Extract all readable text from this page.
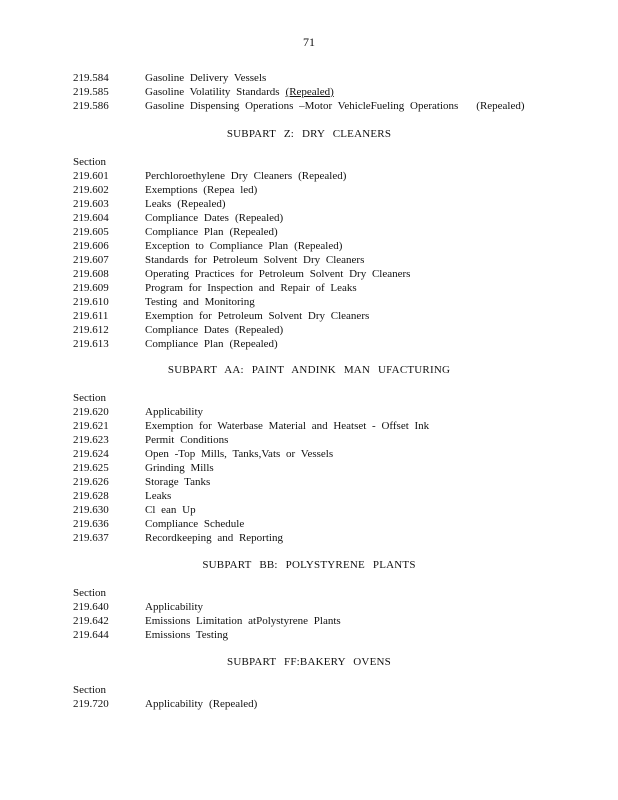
71
219.584	Gasoline Delivery Vessels
219.585	Gasoline Volatility Standards (Repealed)
219.586	Gasoline Dispensing Operations –Motor VehicleFueling Operations (Repealed)
SUBPART Z: DRY CLEANERS
Section
219.601	Perchloroethylene Dry Cleaners (Repealed)
219.602	Exemptions (Repea led)
219.603	Leaks (Repealed)
219.604	Compliance Dates (Repealed)
219.605	Compliance Plan (Repealed)
219.606	Exception to Compliance Plan (Repealed)
219.607	Standards for Petroleum Solvent Dry Cleaners
219.608	Operating Practices for Petroleum Solvent Dry Cleaners
219.609	Program for Inspection and Repair of Leaks
219.610	Testing and Monitoring
219.611	Exemption for Petroleum Solvent Dry Cleaners
219.612	Compliance Dates (Repealed)
219.613	Compliance Plan (Repealed)
SUBPART AA: PAINT ANDINK MAN UFACTURING
Section
219.620	Applicability
219.621	Exemption for Waterbase Material and Heatset - Offset Ink
219.623	Permit Conditions
219.624	Open -Top Mills, Tanks,Vats or Vessels
219.625	Grinding Mills
219.626	Storage Tanks
219.628	Leaks
219.630	Cl ean Up
219.636	Compliance Schedule
219.637	Recordkeeping and Reporting
SUBPART BB: POLYSTYRENE PLANTS
Section
219.640	Applicability
219.642	Emissions Limitation atPolystyrene Plants
219.644	Emissions Testing
SUBPART FF:BAKERY OVENS
Section
219.720	Applicability (Repealed)
